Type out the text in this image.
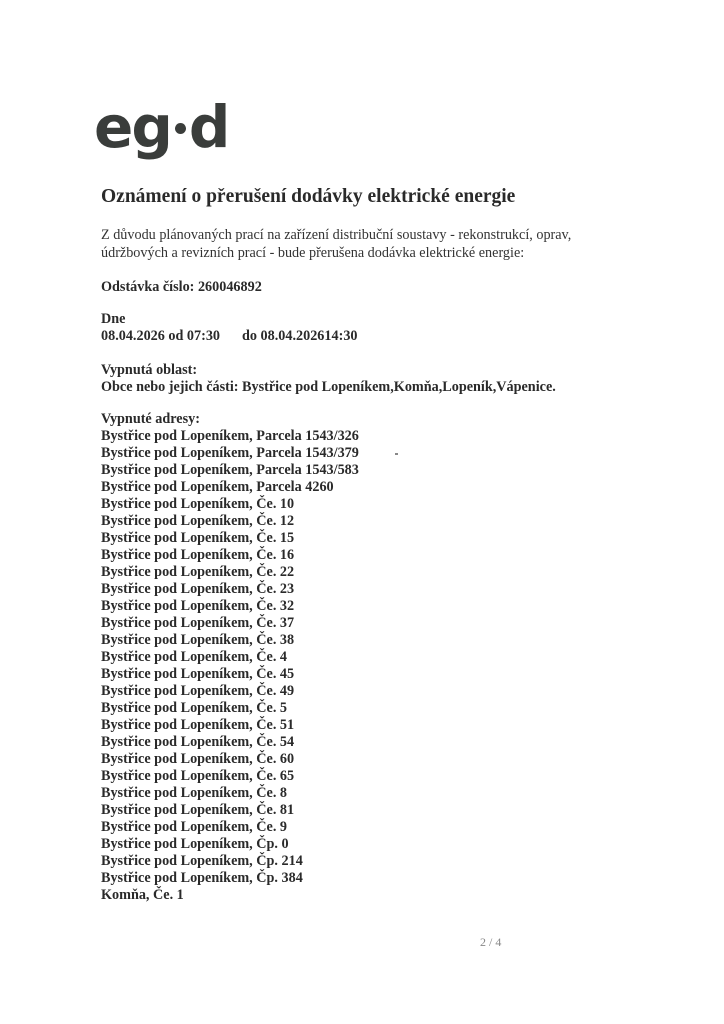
eg d
Oznámení o přerušení dodávky elektrické energie
Z důvodu plánovaných prací na zařízení distribuční soustavy - rekonstrukcí, oprav,
údržbových a revizních prací - bude přerušena dodávka elektrické energie:
Odstávka číslo: 260046892
Dne
08.04.2026 od 07:30 do 08.04.202614:30
Vypnutá oblast:
Obce nebo jejich části: Bystřice pod Lopeníkem,Komňa,Lopeník,Vápenice.
Vypnuté adresy:
Bystřice pod Lopeníkem, Parcela 1543/326
Bystřice pod Lopeníkem, Parcela 1543/379
Bystřice pod Lopeníkem, Parcela 1543/583
Bystřice pod Lopeníkem, Parcela 4260
Bystřice pod Lopeníkem, Če. 10
Bystřice pod Lopeníkem, Če. 12
Bystřice pod Lopeníkem, Če. 15
Bystřice pod Lopeníkem, Če. 16
Bystřice pod Lopeníkem, Če. 22
Bystřice pod Lopeníkem, Če. 23
Bystřice pod Lopeníkem, Če. 32
Bystřice pod Lopeníkem, Če. 37
Bystřice pod Lopeníkem, Če. 38
Bystřice pod Lopeníkem, Če. 4
Bystřice pod Lopeníkem, Če. 45
Bystřice pod Lopeníkem, Če. 49
Bystřice pod Lopeníkem, Če. 5
Bystřice pod Lopeníkem, Če. 51
Bystřice pod Lopeníkem, Če. 54
Bystřice pod Lopeníkem, Če. 60
Bystřice pod Lopeníkem, Če. 65
Bystřice pod Lopeníkem, Če. 8
Bystřice pod Lopeníkem, Če. 81
Bystřice pod Lopeníkem, Če. 9
Bystřice pod Lopeníkem, Čp. 0
Bystřice pod Lopeníkem, Čp. 214
Bystřice pod Lopeníkem, Čp. 384
Komňa, Če. 1
2 / 4
